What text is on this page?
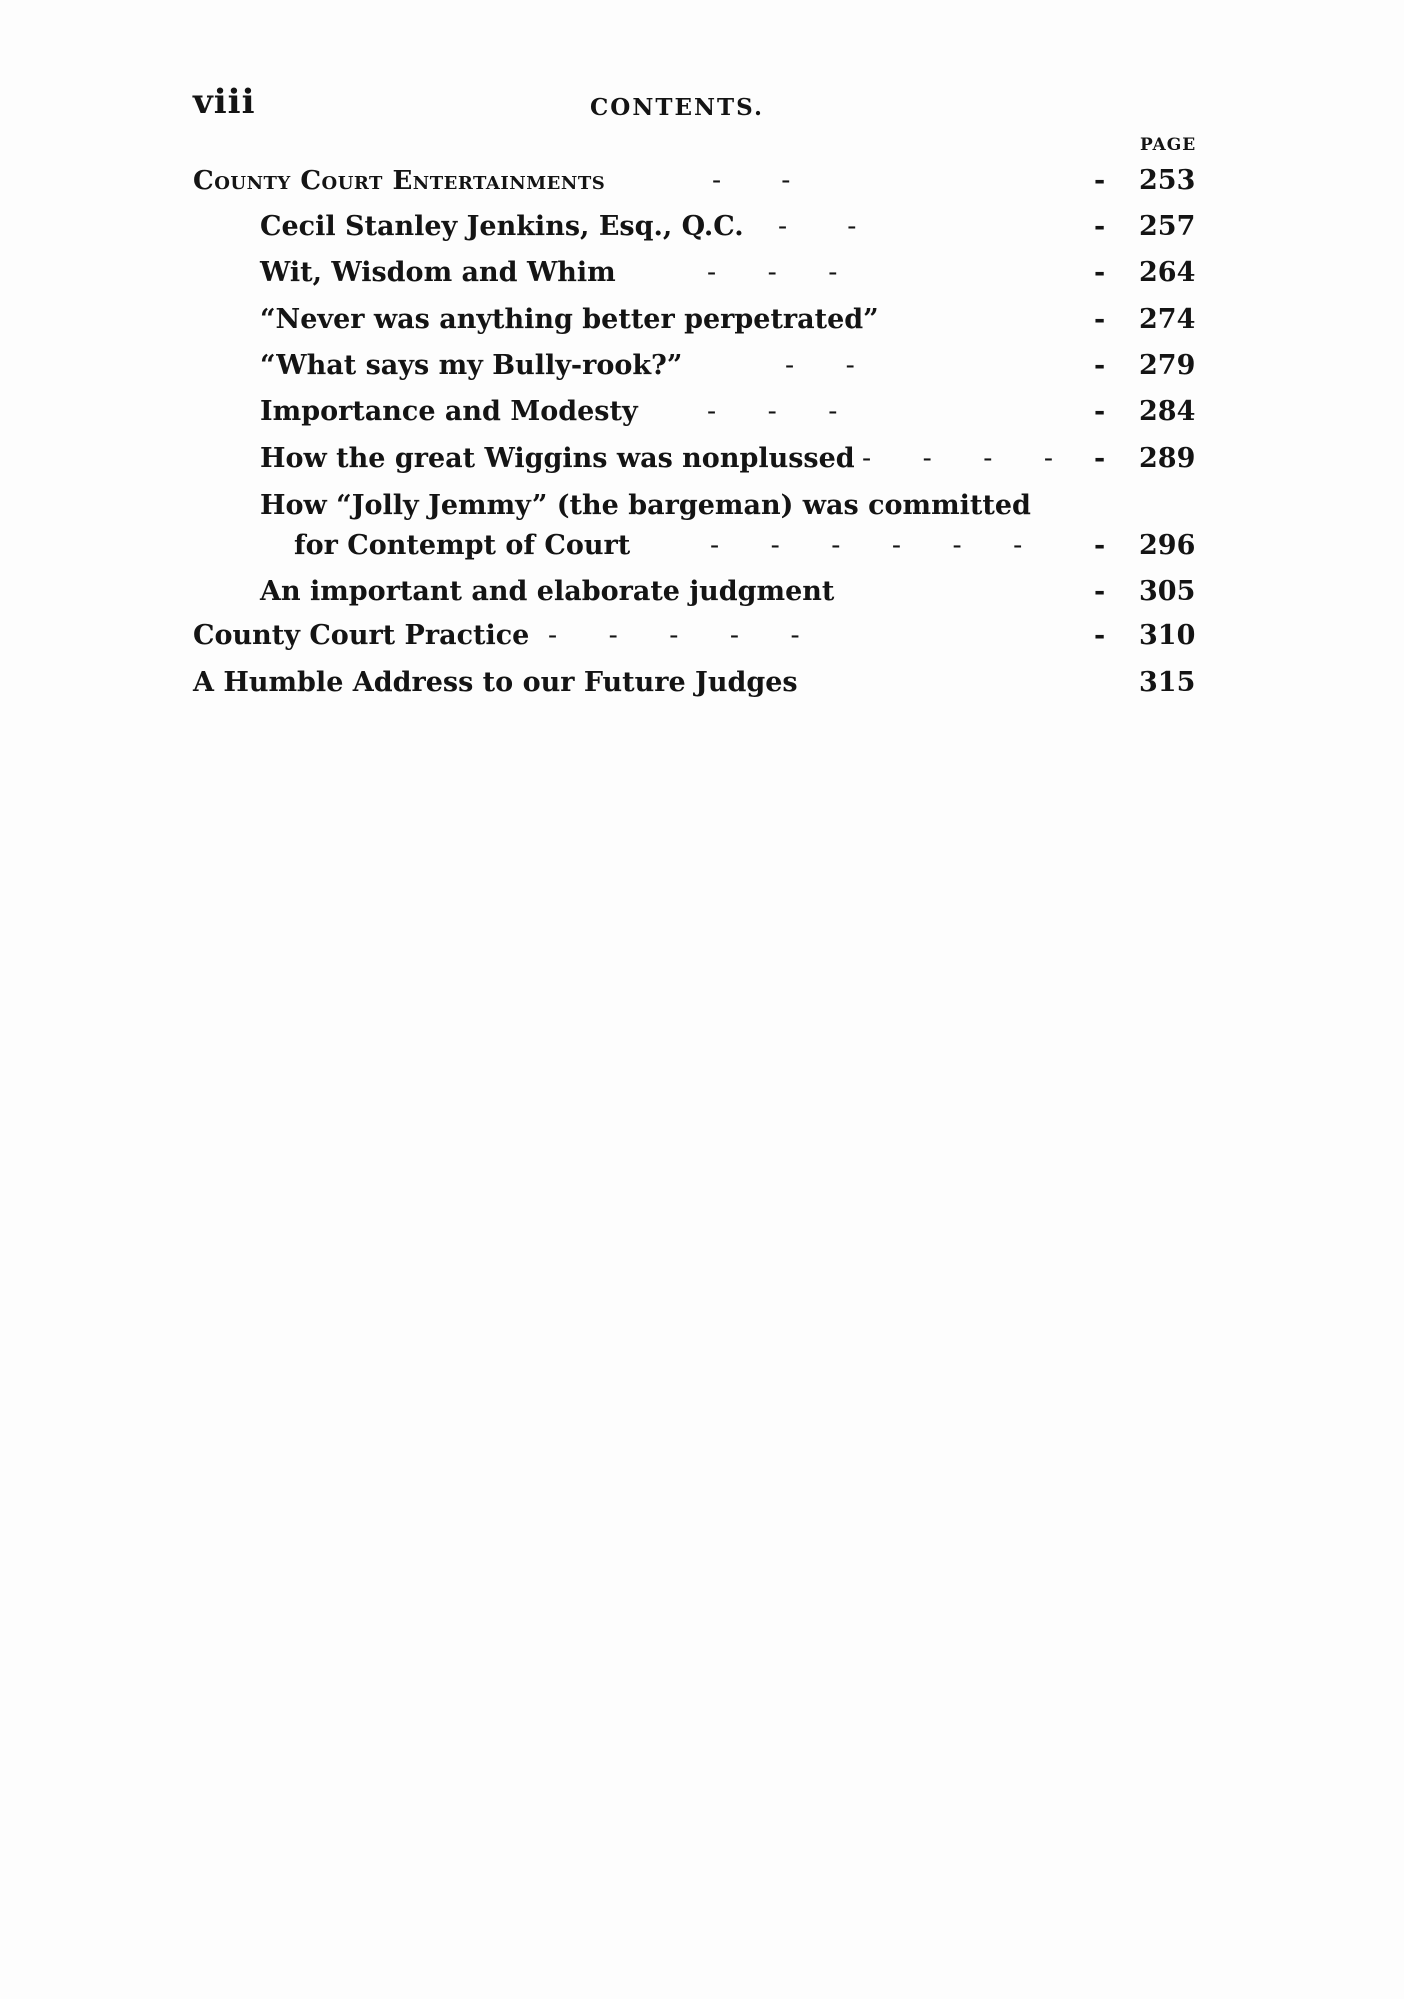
viii	CONTENTS.
PAGE
County Court Entertainments	- -	- 253
Cecil Stanley Jenkins, Esq., Q.C. - -	- 257
Wit, Wisdom and Whim	- - -	- 264
“Never was anything better perpetrated”	- 274
“What says my Bully-rook?”	- -	- 279
Importance and Modesty	- - -	- 284
How the great Wiggins was nonplussed - - - - - 289
How “Jolly Jemmy” (the bargeman) was committed
for Contempt of Court	- - - - - -	- 296
An important and elaborate judgment	- 305
County Court Practice - - - - -	- 310
A Humble Address to our Future Judges	315
